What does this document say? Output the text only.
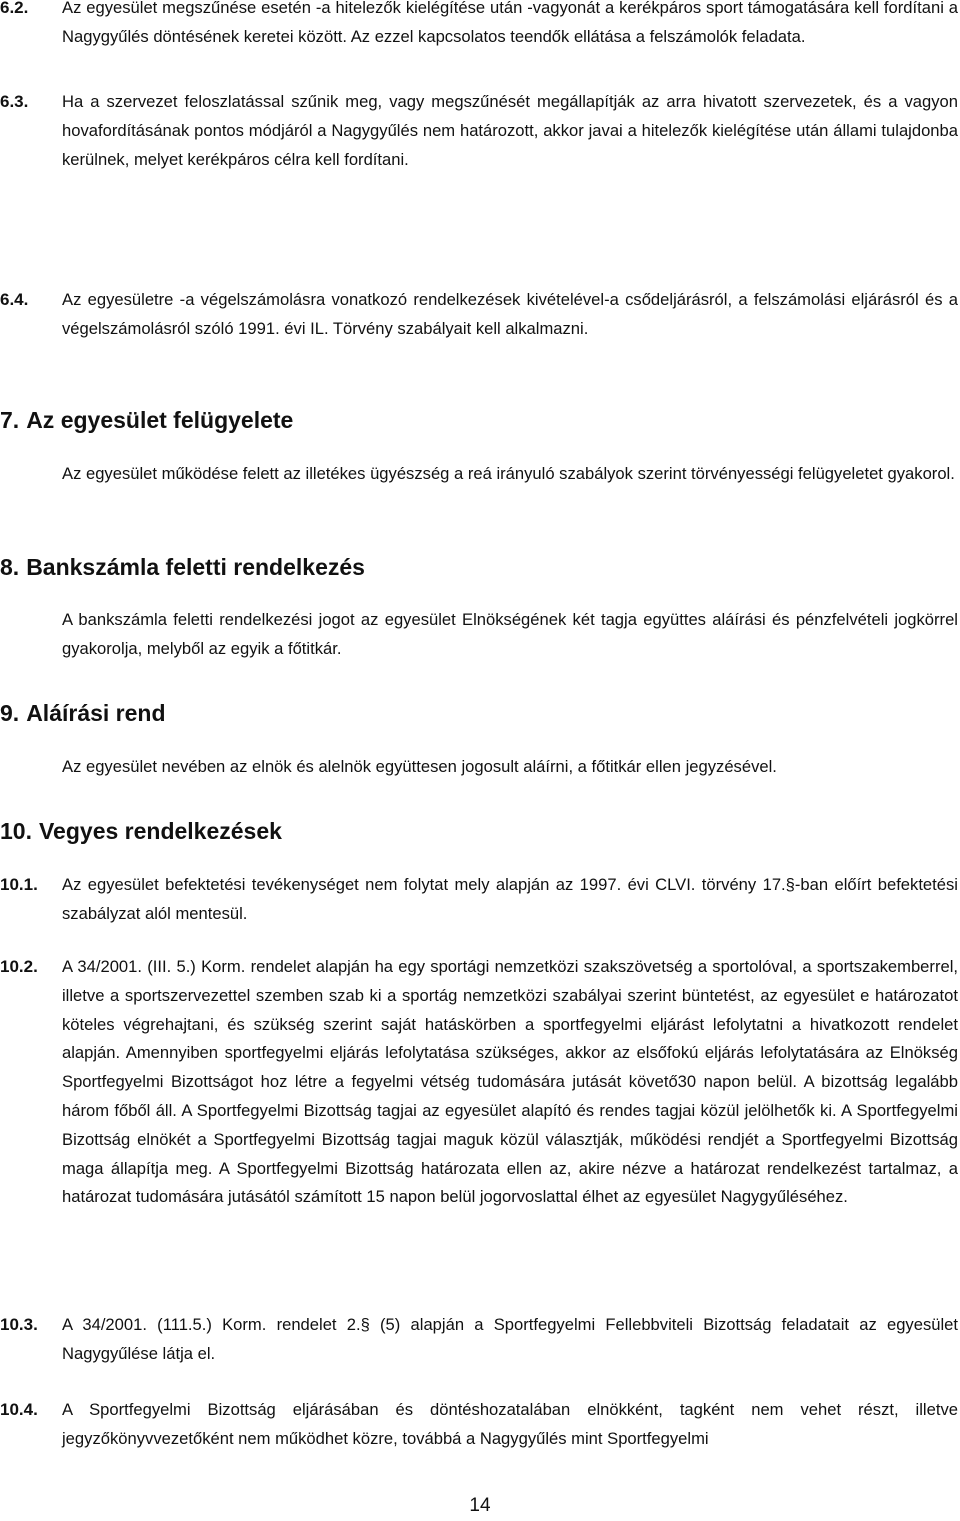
6.2. Az egyesület megszűnése esetén -a hitelezők kielégítése után -vagyonát a kerékpáros sport támogatására kell fordítani a Nagygyűlés döntésének keretei között. Az ezzel kapcsolatos teendők ellátása a felszámolók feladata.

6.3. Ha a szervezet feloszlatással szűnik meg, vagy megszűnését megállapítják az arra hivatott szervezetek, és a vagyon hovafordításának pontos módjáról a Nagygyűlés nem határozott, akkor javai a hitelezők kielégítése után állami tulajdonba kerülnek, melyet kerékpáros célra kell fordítani.

6.4. Az egyesületre -a végelszámolásra vonatkozó rendelkezések kivételével-a csődeljárásról, a felszámolási eljárásról és a végelszámolásról szóló 1991. évi IL. Törvény szabályait kell alkalmazni.

7. Az egyesület felügyelete

Az egyesület működése felett az illetékes ügyészség a reá irányuló szabályok szerint törvényességi felügyeletet gyakorol.

8. Bankszámla feletti rendelkezés

A bankszámla feletti rendelkezési jogot az egyesület Elnökségének két tagja együttes aláírási és pénzfelvételi jogkörrel gyakorolja, melyből az egyik a főtitkár.

9. Aláírási rend

Az egyesület nevében az elnök és alelnök együttesen jogosult aláírni, a főtitkár ellen jegyzésével.

10. Vegyes rendelkezések

10.1. Az egyesület befektetési tevékenységet nem folytat mely alapján az 1997. évi CLVI. törvény 17.§-ban előírt befektetési szabályzat alól mentesül.

10.2. A 34/2001. (III. 5.) Korm. rendelet alapján ha egy sportági nemzetközi szakszövetség a sportolóval, a sportszakemberrel, illetve a sportszervezettel szemben szab ki a sportág nemzetközi szabályai szerint büntetést, az egyesület e határozatot köteles végrehajtani, és szükség szerint saját hatáskörben a sportfegyelmi eljárást lefolytatni a hivatkozott rendelet alapján. Amennyiben sportfegyelmi eljárás lefolytatása szükséges, akkor az elsőfokú eljárás lefolytatására az Elnökség Sportfegyelmi Bizottságot hoz létre a fegyelmi vétség tudomására jutását követő30 napon belül. A bizottság legalább három főből áll. A Sportfegyelmi Bizottság tagjai az egyesület alapító és rendes tagjai közül jelölhetők ki. A Sportfegyelmi Bizottság elnökét a Sportfegyelmi Bizottság tagjai maguk közül választják, működési rendjét a Sportfegyelmi Bizottság maga állapítja meg. A Sportfegyelmi Bizottság határozata ellen az, akire nézve a határozat rendelkezést tartalmaz, a határozat tudomására jutásától számított 15 napon belül jogorvoslattal élhet az egyesület Nagygyűléséhez.

10.3. A 34/2001. (111.5.) Korm. rendelet 2.§ (5) alapján a Sportfegyelmi Fellebbviteli Bizottság feladatait az egyesület Nagygyűlése látja el.

10.4. A Sportfegyelmi Bizottság eljárásában és döntéshozatalában elnökként, tagként nem vehet részt, illetve jegyzőkönyvvezetőként nem működhet közre, továbbá a Nagygyűlés mint Sportfegyelmi

14
